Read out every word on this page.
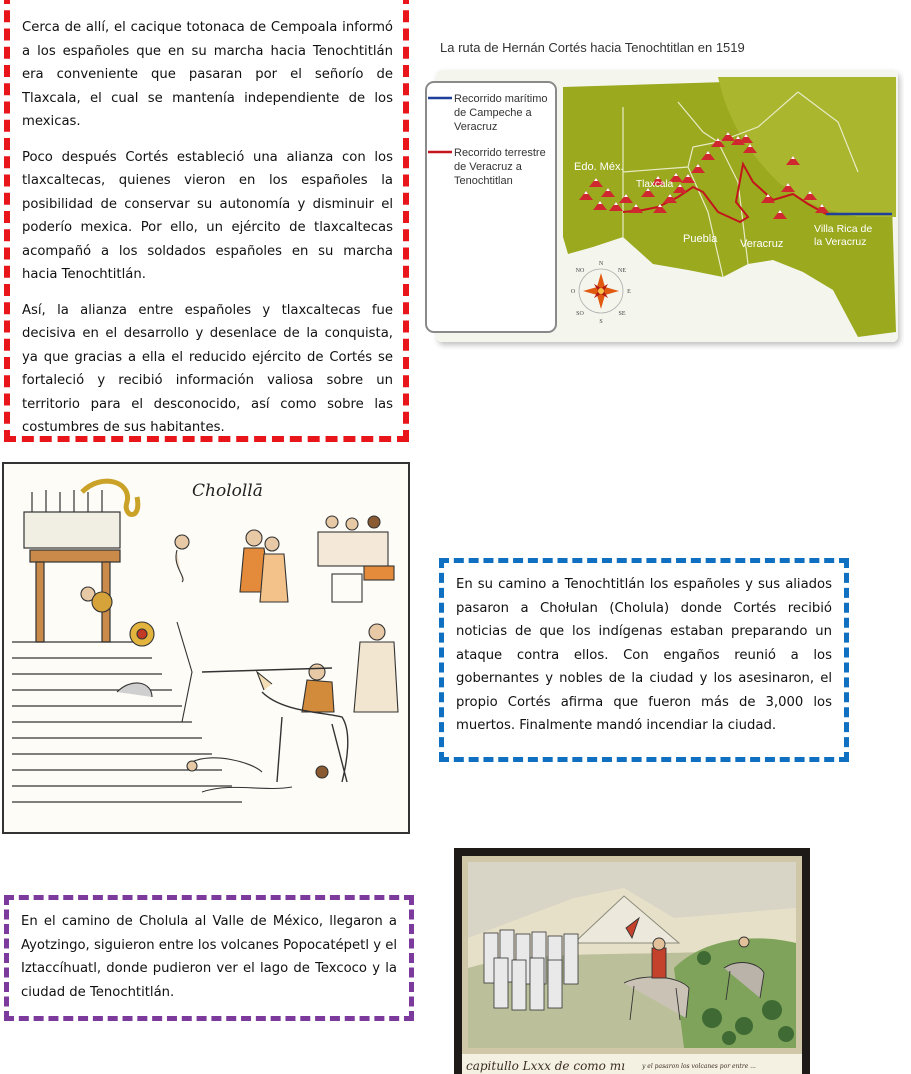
Cerca de allí, el cacique totonaca de Cempoala informó a los españoles que en su marcha hacia Tenochtitlán era conveniente que pasaran por el señorío de Tlaxcala, el cual se mantenía independiente de los mexicas.

Poco después Cortés estableció una alianza con los tlaxcaltecas, quienes vieron en los españoles la posibilidad de conservar su autonomía y disminuir el poderío mexica. Por ello, un ejército de tlaxcaltecas acompañó a los soldados españoles en su marcha hacia Tenochtitlán.

Así, la alianza entre españoles y tlaxcaltecas fue decisiva en el desarrollo y desenlace de la conquista, ya que gracias a ella el reducido ejército de Cortés se fortaleció y recibió información valiosa sobre un territorio para el desconocido, así como sobre las costumbres de sus habitantes.

La ruta de Hernán Cortés hacia Tenochtitlan en 1519
Recorrido marítimo de Campeche a Veracruz
Recorrido terrestre de Veracruz a Tenochtitlan
Edo. Méx.
Tlaxcala
Puebla Veracruz
Villa Rica de la Veracruz
N
S
E
O
NE
NO
SE
SO
Cholollā

En su camino a Tenochtitlán los españoles y sus aliados pasaron a Chołulan (Cholula) donde Cortés recibió noticias de que los indígenas estaban preparando un ataque contra ellos. Con engaños reunió a los gobernantes y nobles de la ciudad y los asesinaron, el propio Cortés afirma que fueron más de 3,000 los muertos. Finalmente mandó incendiar la ciudad.

En el camino de Cholula al Valle de México, llegaron a Ayotzingo, siguieron entre los volcanes Popocatépetl y el Iztaccíhuatl, donde pudieron ver el lago de Texcoco y la ciudad de Tenochtitlán.

capitullo Lxxx de como mı	y el pasaron los volcanes por entre ...
